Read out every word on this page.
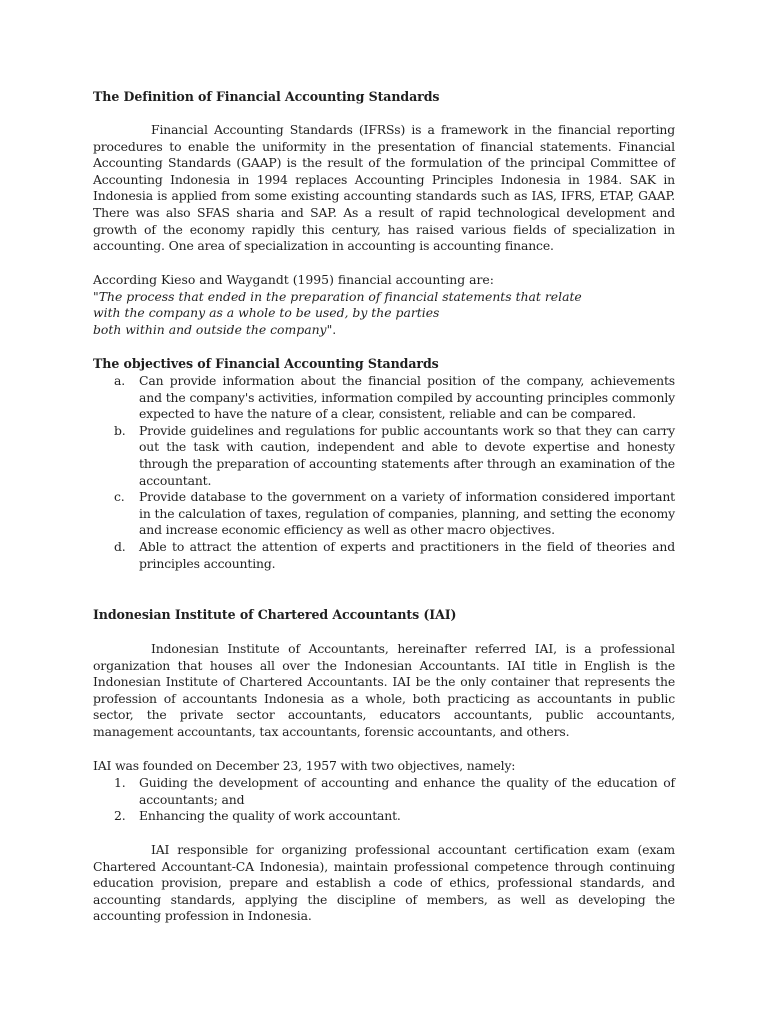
The Definition of Financial Accounting Standards

Financial Accounting Standards (IFRSs) is a framework in the financial reporting procedures to enable the uniformity in the presentation of financial statements. Financial Accounting Standards (GAAP) is the result of the formulation of the principal Committee of Accounting Indonesia in 1994 replaces Accounting Principles Indonesia in 1984. SAK in Indonesia is applied from some existing accounting standards such as IAS, IFRS, ETAP, GAAP. There was also SFAS sharia and SAP. As a result of rapid technological development and growth of the economy rapidly this century, has raised various fields of specialization in accounting. One area of specialization in accounting is accounting finance.

According Kieso and Waygandt (1995) financial accounting are:
"The process that ended in the preparation of financial statements that relate
with the company as a whole to be used, by the parties
both within and outside the company".
The objectives of Financial Accounting Standards
a. Can provide information about the financial position of the company, achievements and the company's activities, information compiled by accounting principles commonly expected to have the nature of a clear, consistent, reliable and can be compared.
b. Provide guidelines and regulations for public accountants work so that they can carry out the task with caution, independent and able to devote expertise and honesty through the preparation of accounting statements after through an examination of the accountant.
c. Provide database to the government on a variety of information considered important in the calculation of taxes, regulation of companies, planning, and setting the economy and increase economic efficiency as well as other macro objectives.
d. Able to attract the attention of experts and practitioners in the field of theories and principles accounting.
Indonesian Institute of Chartered Accountants (IAI)

Indonesian Institute of Accountants, hereinafter referred IAI, is a professional organization that houses all over the Indonesian Accountants. IAI title in English is the Indonesian Institute of Chartered Accountants. IAI be the only container that represents the profession of accountants Indonesia as a whole, both practicing as accountants in public sector, the private sector accountants, educators accountants, public accountants, management accountants, tax accountants, forensic accountants, and others.

IAI was founded on December 23, 1957 with two objectives, namely:

1. Guiding the development of accounting and enhance the quality of the education of accountants; and
2. Enhancing the quality of work accountant.

IAI responsible for organizing professional accountant certification exam (exam Chartered Accountant-CA Indonesia), maintain professional competence through continuing education provision, prepare and establish a code of ethics, professional standards, and accounting standards, applying the discipline of members, as well as developing the accounting profession in Indonesia.
